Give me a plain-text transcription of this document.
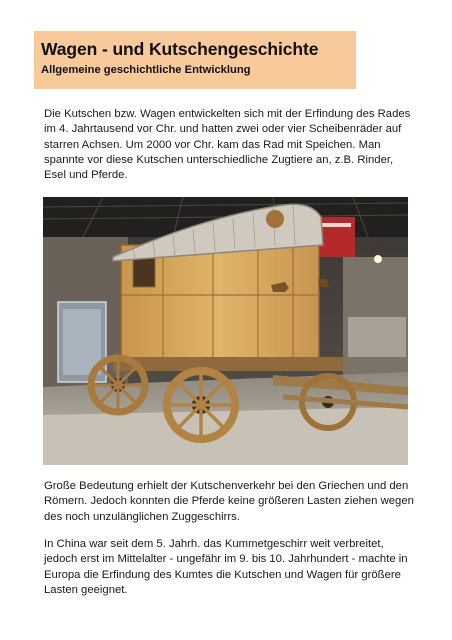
Wagen - und Kutschengeschichte
Allgemeine geschichtliche Entwicklung

Die Kutschen bzw. Wagen entwickelten sich mit der Erfindung des Rades im 4. Jahrtausend vor Chr. und hatten zwei oder vier Scheibenräder auf starren Achsen. Um 2000 vor Chr. kam das Rad mit Speichen. Man spannte vor diese Kutschen unterschiedliche Zugtiere an, z.B. Rinder, Esel und Pferde.

Große Bedeutung erhielt der Kutschenverkehr bei den Griechen und den Römern. Jedoch konnten die Pferde keine größeren Lasten ziehen wegen des noch unzulänglichen Zuggeschirrs.

In China war seit dem 5. Jahrh. das Kummetgeschirr weit verbreitet, jedoch erst im Mittelalter - ungefähr im 9. bis 10. Jahrhundert - machte in Europa die Erfindung des Kumtes die Kutschen und Wagen für größere Lasten geeignet.
